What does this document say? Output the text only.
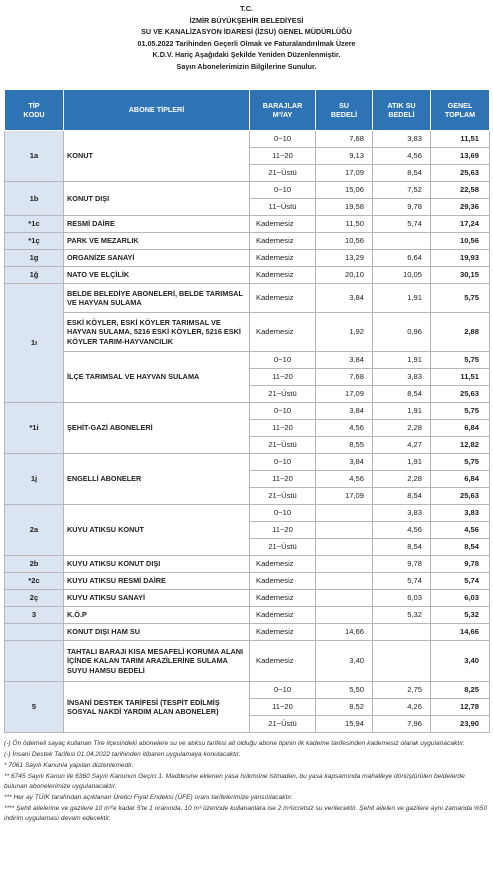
T.C.
İZMİR BÜYÜKŞEHİR BELEDİYESİ
SU VE KANALİZASYON İDARESİ (İZSU) GENEL MÜDÜRLÜĞÜ
01.05.2022 Tarihinden Geçerli Olmak ve Faturalandırılmak Üzere
K.D.V. Hariç Aşağıdaki Şekilde Yeniden Düzenlenmiştir.
Sayın Abonelerimizin Bilgilerine Sunulur.
TİP KODU	ABONE TİPLERİ	BARAJLAR M³/AY	SU BEDELİ	ATIK SU BEDELİ	GENEL TOPLAM
1a	KONUT	0~10	7,68	3,83	11,51
		11~20	9,13	4,56	13,69
		21~Üstü	17,09	8,54	25,63
1b	KONUT DIŞI	0~10	15,06	7,52	22,58
		11~Üstü	19,58	9,78	29,36
*1c	RESMİ DAİRE	Kademesiz	11,50	5,74	17,24
*1ç	PARK VE MEZARLIK	Kademesiz	10,56		10,56
1g	ORGANİZE SANAYİ	Kademesiz	13,29	6,64	19,93
1ğ	NATO VE ELÇİLİK	Kademesiz	20,10	10,05	30,15
1ı	BELDE BELEDİYE ABONELERİ, BELDE TARIMSAL VE HAYVAN SULAMA	Kademesiz	3,84	1,91	5,75
	ESKİ KÖYLER, ESKİ KÖYLER TARIMSAL VE HAYVAN SULAMA, 5216 ESKİ KÖYLER, 5216 ESKİ KÖYLER TARIM-HAYVANCILIK	Kademesiz	1,92	0,96	2,88
	İLÇE TARIMSAL VE HAYVAN SULAMA	0~10	3,84	1,91	5,75
		11~20	7,68	3,83	11,51
		21~Üstü	17,09	8,54	25,63
*1i	ŞEHİT-GAZİ ABONELERİ	0~10	3,84	1,91	5,75
		11~20	4,56	2,28	6,84
		21~Üstü	8,55	4,27	12,82
1j	ENGELLİ ABONELER	0~10	3,84	1,91	5,75
		11~20	4,56	2,28	6,84
		21~Üstü	17,09	8,54	25,63
2a	KUYU ATIKSU KONUT	0~10		3,83	3,83
		11~20		4,56	4,56
		21~Üstü		8,54	8,54
2b	KUYU ATIKSU KONUT DIŞI	Kademesiz		9,78	9,78
*2c	KUYU ATIKSU RESMİ DAİRE	Kademesiz		5,74	5,74
2ç	KUYU ATIKSU SANAYİ	Kademesiz		6,03	6,03
3	K.Ö.P	Kademesiz		5,32	5,32
	KONUT DIŞI HAM SU	Kademesiz	14,66		14,66
	TAHTALI BARAJI KISA MESAFELİ KORUMA ALANI İÇİNDE KALAN TARIM ARAZİLERİNE SULAMA SUYU HAMSU BEDELİ	Kademesiz	3,40		3,40
5	İNSANİ DESTEK TARİFESİ (TESPİT EDİLMİŞ SOSYAL NAKDİ YARDIM ALAN ABONELER)	0~10	5,50	2,75	8,25
		11~20	8,52	4,26	12,78
		21~Üstü	15,94	7,96	23,90

(-) Ön ödemeli sayaç kullanan Tire ilçesindeki abonelere su ve atıksu tarifesi ait olduğu abone tipinin ilk kademe tarifesinden kademesiz olarak uygulanacaktır.

(-) İnsani Destek Tarifesi 01.04.2022 tarihinden itibaren uygulamaya konulacaktır.

* 7061 Sayılı Kanunla yapılan düzenlemedir.

** 6745 Sayılı Kanun ile 6360 Sayılı Kanunun Geçici 1. Maddesine eklenen yasa hükmüne istinaden, bu yasa kapsamında mahalleye dönüştürülen beldelerde bulunan abonelerimize uygulanacaktır.

*** Her ay TÜİK tarafından açıklanan Üretici Fiyat Endeksi (ÜFE) oranı tarifelerimize yansıtılacaktır.

**** Şehit ailelerine ve gazilere 10 m³'e kadar 5'te 1 oranında, 10 m³ üzerinde kullananlara ise 2 m³ücretsiz su verilecektir. Şehit aileleri ve gazilere aynı zamanda %50 indirim uygulaması devam edecektir.
